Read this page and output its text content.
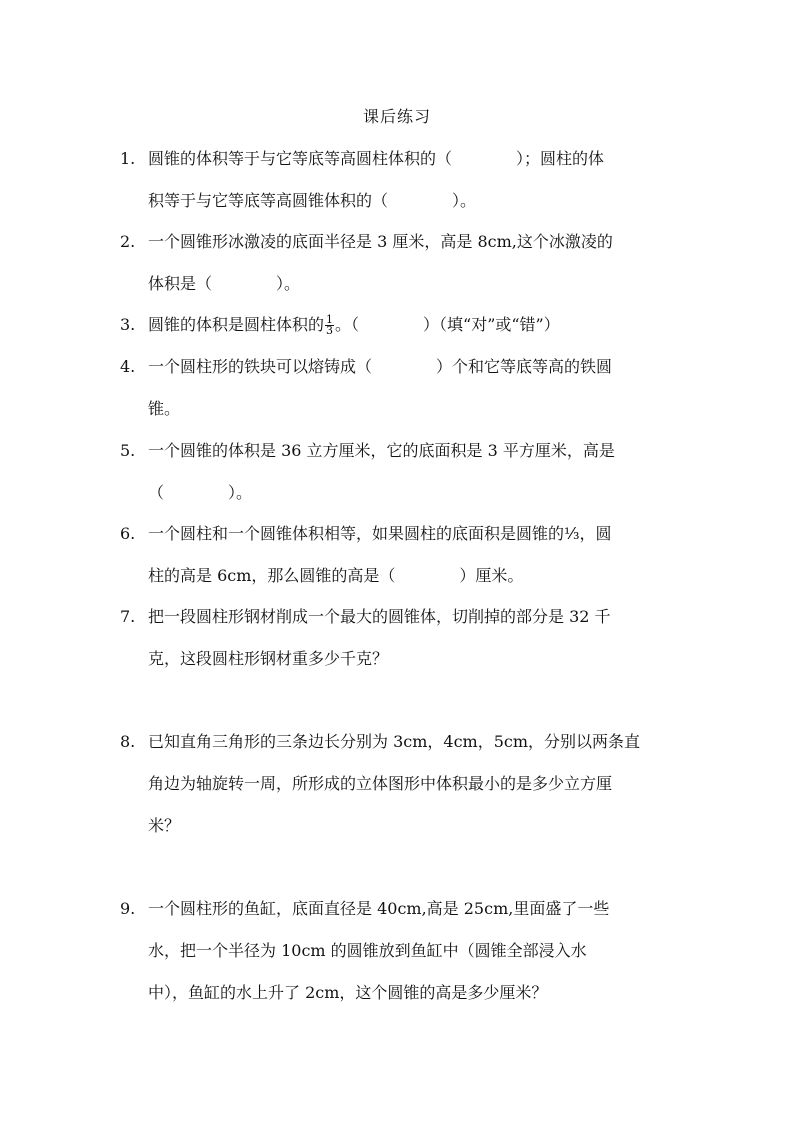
课后练习
1. 圆锥的体积等于与它等底等高圆柱体积的（　　　　）；圆柱的体
积等于与它等底等高圆锥体积的（　　　　）。
2. 一个圆锥形冰激凌的底面半径是 3 厘米，高是 8cm,这个冰激凌的
体积是（　　　　）。
3. 圆锥的体积是圆柱体积的 $\frac{1}{3}$ 。（　　　　）（填“对”或“错”）
4. 一个圆柱形的铁块可以熔铸成（　　　　）个和它等底等高的铁圆
锥。
5. 一个圆锥的体积是 36 立方厘米，它的底面积是 3 平方厘米，高是
（　　　　）。
6. 一个圆柱和一个圆锥体积相等，如果圆柱的底面积是圆锥的⅓，圆
柱的高是 6cm，那么圆锥的高是（　　　　）厘米。
7. 把一段圆柱形钢材削成一个最大的圆锥体，切削掉的部分是 32 千
克，这段圆柱形钢材重多少千克？
8. 已知直角三角形的三条边长分别为 3cm，4cm，5cm，分别以两条直
角边为轴旋转一周，所形成的立体图形中体积最小的是多少立方厘
米？
9. 一个圆柱形的鱼缸，底面直径是 40cm,高是 25cm,里面盛了一些
水，把一个半径为 10cm 的圆锥放到鱼缸中（圆锥全部浸入水
中），鱼缸的水上升了 2cm，这个圆锥的高是多少厘米？
